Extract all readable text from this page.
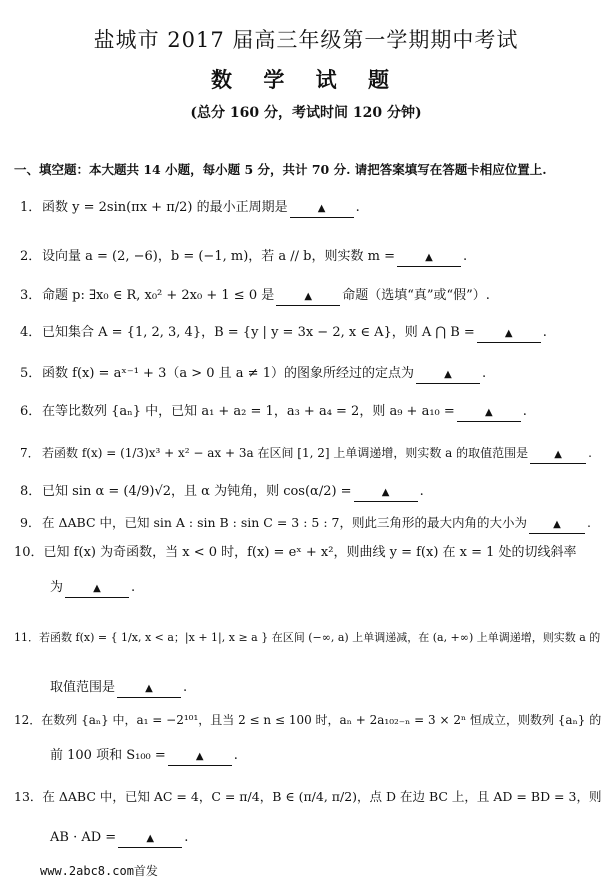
盐城市 2017 届高三年级第一学期期中考试
数 学 试 题
(总分 160 分，考试时间 120 分钟)
一、填空题：本大题共 14 小题，每小题 5 分，共计 70 分. 请把答案填写在答题卡相应位置上.
1．函数 y = 2sin(πx + π/2) 的最小正周期是	▲ .
2．设向量 a = (2, −6)，b = (−1, m)，若 a // b，则实数 m =	▲ .
3．命题 p: ∃x₀ ∈ R, x₀² + 2x₀ + 1 ≤ 0 是	▲ 命题（选填“真”或“假”）.
4．已知集合 A = {1, 2, 3, 4}，B = {y | y = 3x − 2, x ∈ A}，则 A ⋂ B =	▲ .
5．函数 f(x) = aˣ⁻¹ + 3（a > 0 且 a ≠ 1）的图象所经过的定点为	▲ .
6．在等比数列 {aₙ} 中，已知 a₁ + a₂ = 1，a₃ + a₄ = 2，则 a₉ + a₁₀ =	▲ .
7． 若函数 f(x) = (1/3)x³ + x² − ax + 3a 在区间 [1, 2] 上单调递增，则实数 a 的取值范围是	▲ .
8．已知 sin α = (4/9)√2，且 α 为钝角，则 cos(α/2) =	▲ .
9． 在 ΔABC 中，已知 sin A : sin B : sin C = 3 : 5 : 7，则此三角形的最大内角的大小为	▲ .
10．已知 f(x) 为奇函数，当 x < 0 时，f(x) = eˣ + x²，则曲线 y = f(x) 在 x = 1 处的切线斜率
为	▲ .
11．若函数 f(x) = { 1/x, x < a；|x + 1|, x ≥ a } 在区间 (−∞, a) 上单调递减，在 (a, +∞) 上单调递增，则实数 a 的
取值范围是	▲ .
12．在数列 {aₙ} 中，a₁ = −2¹⁰¹，且当 2 ≤ n ≤ 100 时，aₙ + 2a₁₀₂₋ₙ = 3 × 2ⁿ 恒成立，则数列 {aₙ} 的
前 100 项和 S₁₀₀ =	▲ .
13．在 ΔABC 中，已知 AC = 4，C = π/4，B ∈ (π/4, π/2)，点 D 在边 BC 上，且 AD = BD = 3，则
AB · AD =	▲ .
www.2abc8.com首发
